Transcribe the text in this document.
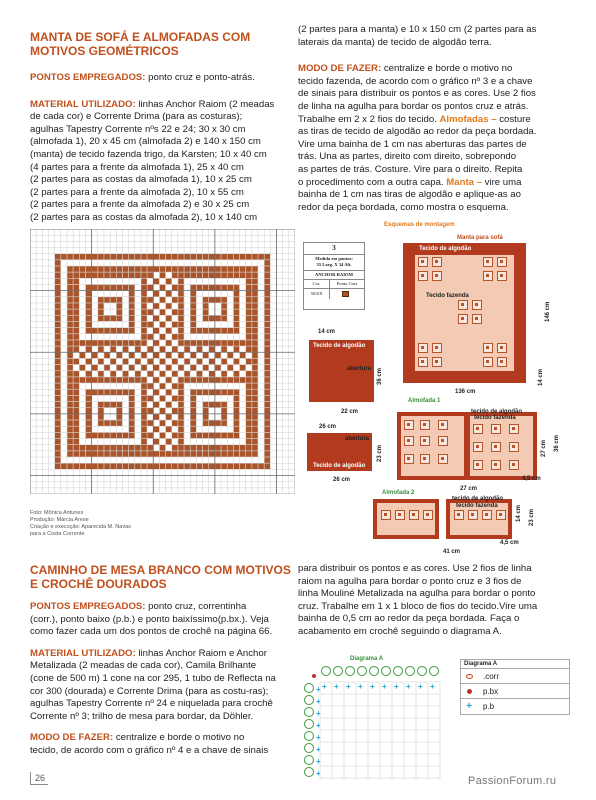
MANTA DE SOFÁ E ALMOFADAS COM
MOTIVOS GEOMÉTRICOS
PONTOS EMPREGADOS: ponto cruz e ponto-atrás.
MATERIAL UTILIZADO: linhas Anchor Raiom (2 meadas
de cada cor) e Corrente Drima (para as costuras);
agulhas Tapestry Corrente nºs 22 e 24; 30 x 30 cm
(almofada 1), 20 x 45 cm (almofada 2) e 140 x 150 cm
(manta) de tecido fazenda trigo, da Karsten; 10 x 40 cm
(4 partes para a frente da almofada 1), 25 x 40 cm
(2 partes para as costas da almofada 1), 10 x 25 cm
(2 partes para a frente da almofada 2), 10 x 55 cm
(2 partes para a frente da almofada 2) e 30 x 25 cm
(2 partes para as costas da almofada 2), 10 x 140 cm
(2 partes para a manta) e 10 x 150 cm (2 partes para as
laterais da manta) de tecido de algodão terra.
MODO DE FAZER: centralize e borde o motivo no
tecido fazenda, de acordo com o gráfico nº 3 e a chave
de sinais para distribuir os pontos e as cores. Use 2 fios
de linha na agulha para bordar os pontos cruz e atrás.
Trabalhe em 2 x 2 fios do tecido. Almofadas – costure
as tiras de tecido de algodão ao redor da peça bordada.
Vire uma bainha de 1 cm nas aberturas das partes de
trás. Una as partes, direito com direito, sobrepondo
as partes de trás. Costure. Vire para o direito. Repita
o procedimento com a outra capa. Manta – vire uma
bainha de 1 cm nas tiras de algodão e aplique-as ao
redor da peça bordada, como mostra o esquema.
Foto: Mônica Antunes
Produção: Márcia Arese
Criação e execução: Aparecida M. Navas
para a Costa Corrente
3
Medida em pontos:
35 Larg. X 34 Alt.
ANCHOR RAIOM
Cor.	Ponto Cruz
50318
Esquemas de montagem
Manta para sofá
Tecido de algodão
Tecido fazenda
136 cm
146 cm
14 cm
14 cm
Tecido de algodão
abertura 36 cm
22 cm
26 cm
abertura
Tecido de algodão
23 cm
26 cm
Almofada 1
tecido de algodão
tecido fazenda
27 cm 36 cm
4,5 cm
27 cm
Almofada 2
tecido de algodão
tecido fazenda	14 cm 23 cm
4,5 cm
41 cm
CAMINHO DE MESA BRANCO COM MOTIVOS
E CROCHÊ DOURADOS
PONTOS EMPREGADOS: ponto cruz, correntinha
(corr.), ponto baixo (p.b.) e ponto baixíssimo(p.bx.). Veja
como fazer cada um dos pontos de crochê na página 66.
MATERIAL UTILIZADO: linhas Anchor Raiom e Anchor
Metalizada (2 meadas de cada cor), Camila Brilhante
(cone de 500 m) 1 cone na cor 295, 1 tubo de Reflecta na
cor 300 (dourada) e Corrente Drima (para as costu-ras);
agulhas Tapestry Corrente nº 24 e niquelada para crochê
Corrente nº 3; trilho de mesa para bordar, da Döhler.
MODO DE FAZER: centralize e borde o motivo no
tecido, de acordo com o gráfico nº 4 e a chave de sinais
para distribuir os pontos e as cores. Use 2 fios de linha
raiom na agulha para bordar o ponto cruz e 3 fios de
linha Mouliné Metalizada na agulha para bordar o ponto
cruz. Trabalhe em 1 x 1 bloco de fios do tecido.Vire uma
bainha de 0,5 cm ao redor da peça bordada. Faça o
acabamento em crochê seguindo o diagrama A.
Diagrama A
+ + + + + + + + + +
+
+
+
+
+
+
+
+
Diagrama A
.corr
p.bx
+	p.b
26	PassionForum.ru
